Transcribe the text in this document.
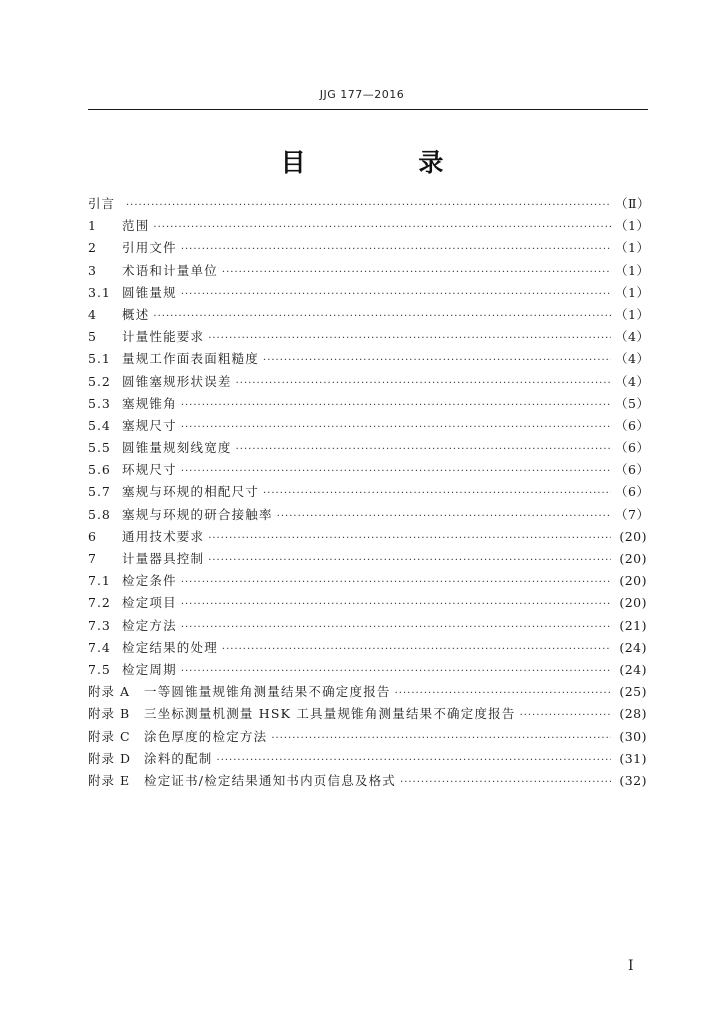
JJG 177—2016
目 录
引言 ·····	（Ⅱ）
1	范围 ·····	（1）
2	引用文件 ·····	（1）
3	术语和计量单位 ·····	（1）
3.1 圆锥量规 ·····	（1）
4	概述 ·····	（1）
5	计量性能要求 ·····	（4）
5.1 量规工作面表面粗糙度 ·····	（4）
5.2 圆锥塞规形状误差 ·····	（4）
5.3 塞规锥角 ·····	（5）
5.4 塞规尺寸 ·····	（6）
5.5 圆锥量规刻线宽度 ·····	（6）
5.6 环规尺寸 ·····	（6）
5.7 塞规与环规的相配尺寸 ·····	（6）
5.8 塞规与环规的研合接触率 ·····	（7）
6	通用技术要求 ·····	(20)
7	计量器具控制 ·····	(20)
7.1 检定条件 ·····	(20)
7.2 检定项目 ·····	(20)
7.3 检定方法 ·····	(21)
7.4 检定结果的处理 ·····	(24)
7.5 检定周期 ·····	(24)
附录 A	一等圆锥量规锥角测量结果不确定度报告 ·····	(25)
附录 B	三坐标测量机测量 HSK 工具量规锥角测量结果不确定度报告 ·····	(28)
附录 C	涂色厚度的检定方法 ·····	(30)
附录 D	涂料的配制 ·····	(31)
附录 E	检定证书/检定结果通知书内页信息及格式 ·····	(32)
I
